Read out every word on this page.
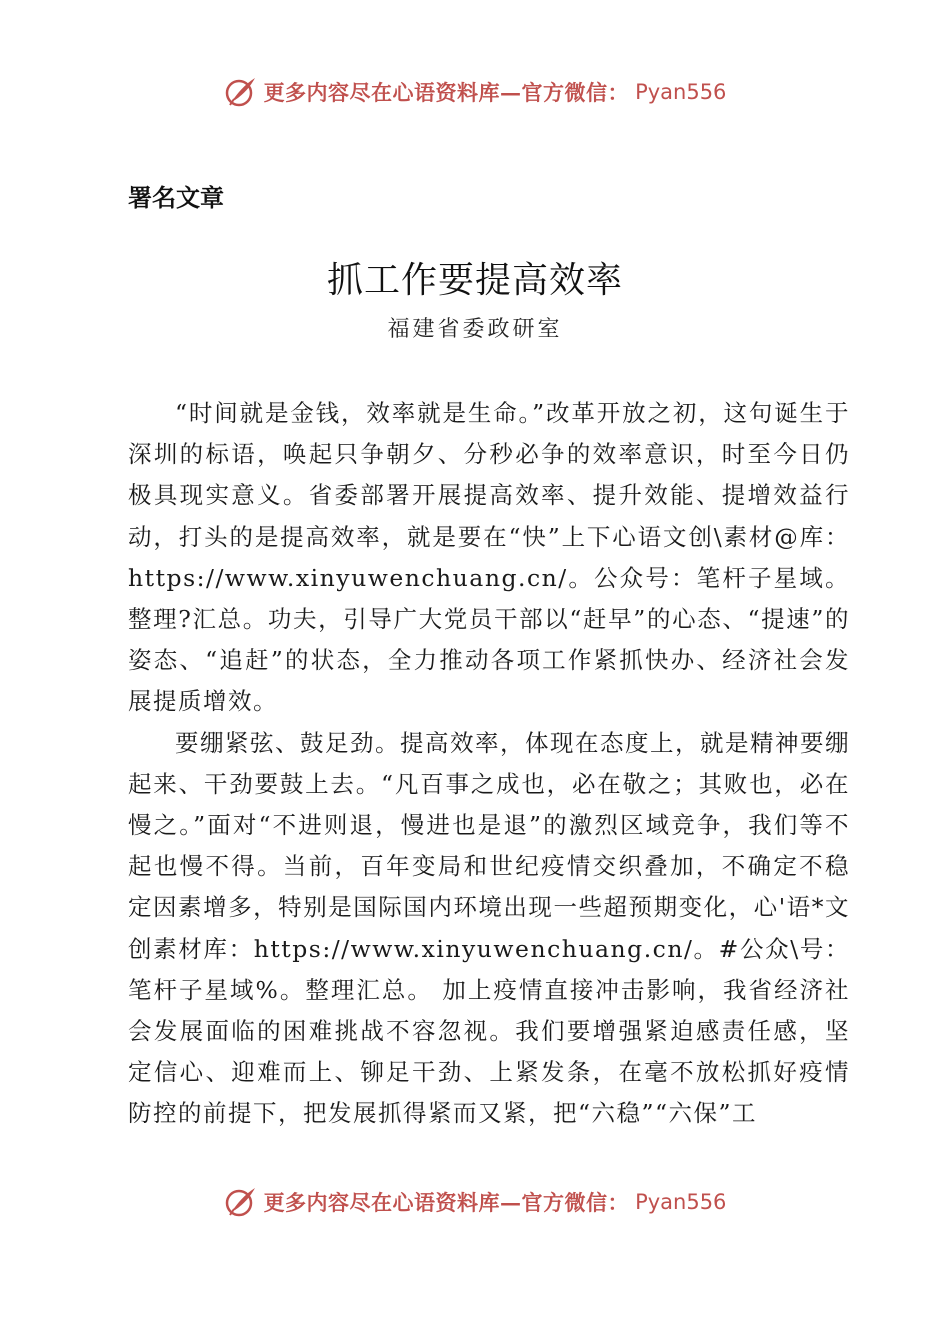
更多内容尽在心语资料库—官方微信： Pyan556
署名文章
抓工作要提高效率
福建省委政研室

“时间就是金钱，效率就是生命。”改革开放之初，这句诞生于深圳的标语，唤起只争朝夕、分秒必争的效率意识，时至今日仍极具现实意义。省委部署开展提高效率、提升效能、提增效益行动，打头的是提高效率，就是要在“快”上下心语文创\素材@库：https://www.xinyuwenchuang.cn/。公众号：笔杆子星域。整理?汇总。功夫，引导广大党员干部以“赶早”的心态、“提速”的姿态、“追赶”的状态，全力推动各项工作紧抓快办、经济社会发展提质增效。

要绷紧弦、鼓足劲。提高效率，体现在态度上，就是精神要绷起来、干劲要鼓上去。“凡百事之成也，必在敬之；其败也，必在慢之。”面对“不进则退，慢进也是退”的激烈区域竞争，我们等不起也慢不得。当前，百年变局和世纪疫情交织叠加，不确定不稳定因素增多，特别是国际国内环境出现一些超预期变化，心'语*文创素材库：https://www.xinyuwenchuang.cn/。#公众\号：笔杆子星域%。整理汇总。 加上疫情直接冲击影响，我省经济社会发展面临的困难挑战不容忽视。我们要增强紧迫感责任感，坚定信心、迎难而上、铆足干劲、上紧发条，在毫不放松抓好疫情防控的前提下，把发展抓得紧而又紧，把“六稳”“六保”工

更多内容尽在心语资料库—官方微信： Pyan556
